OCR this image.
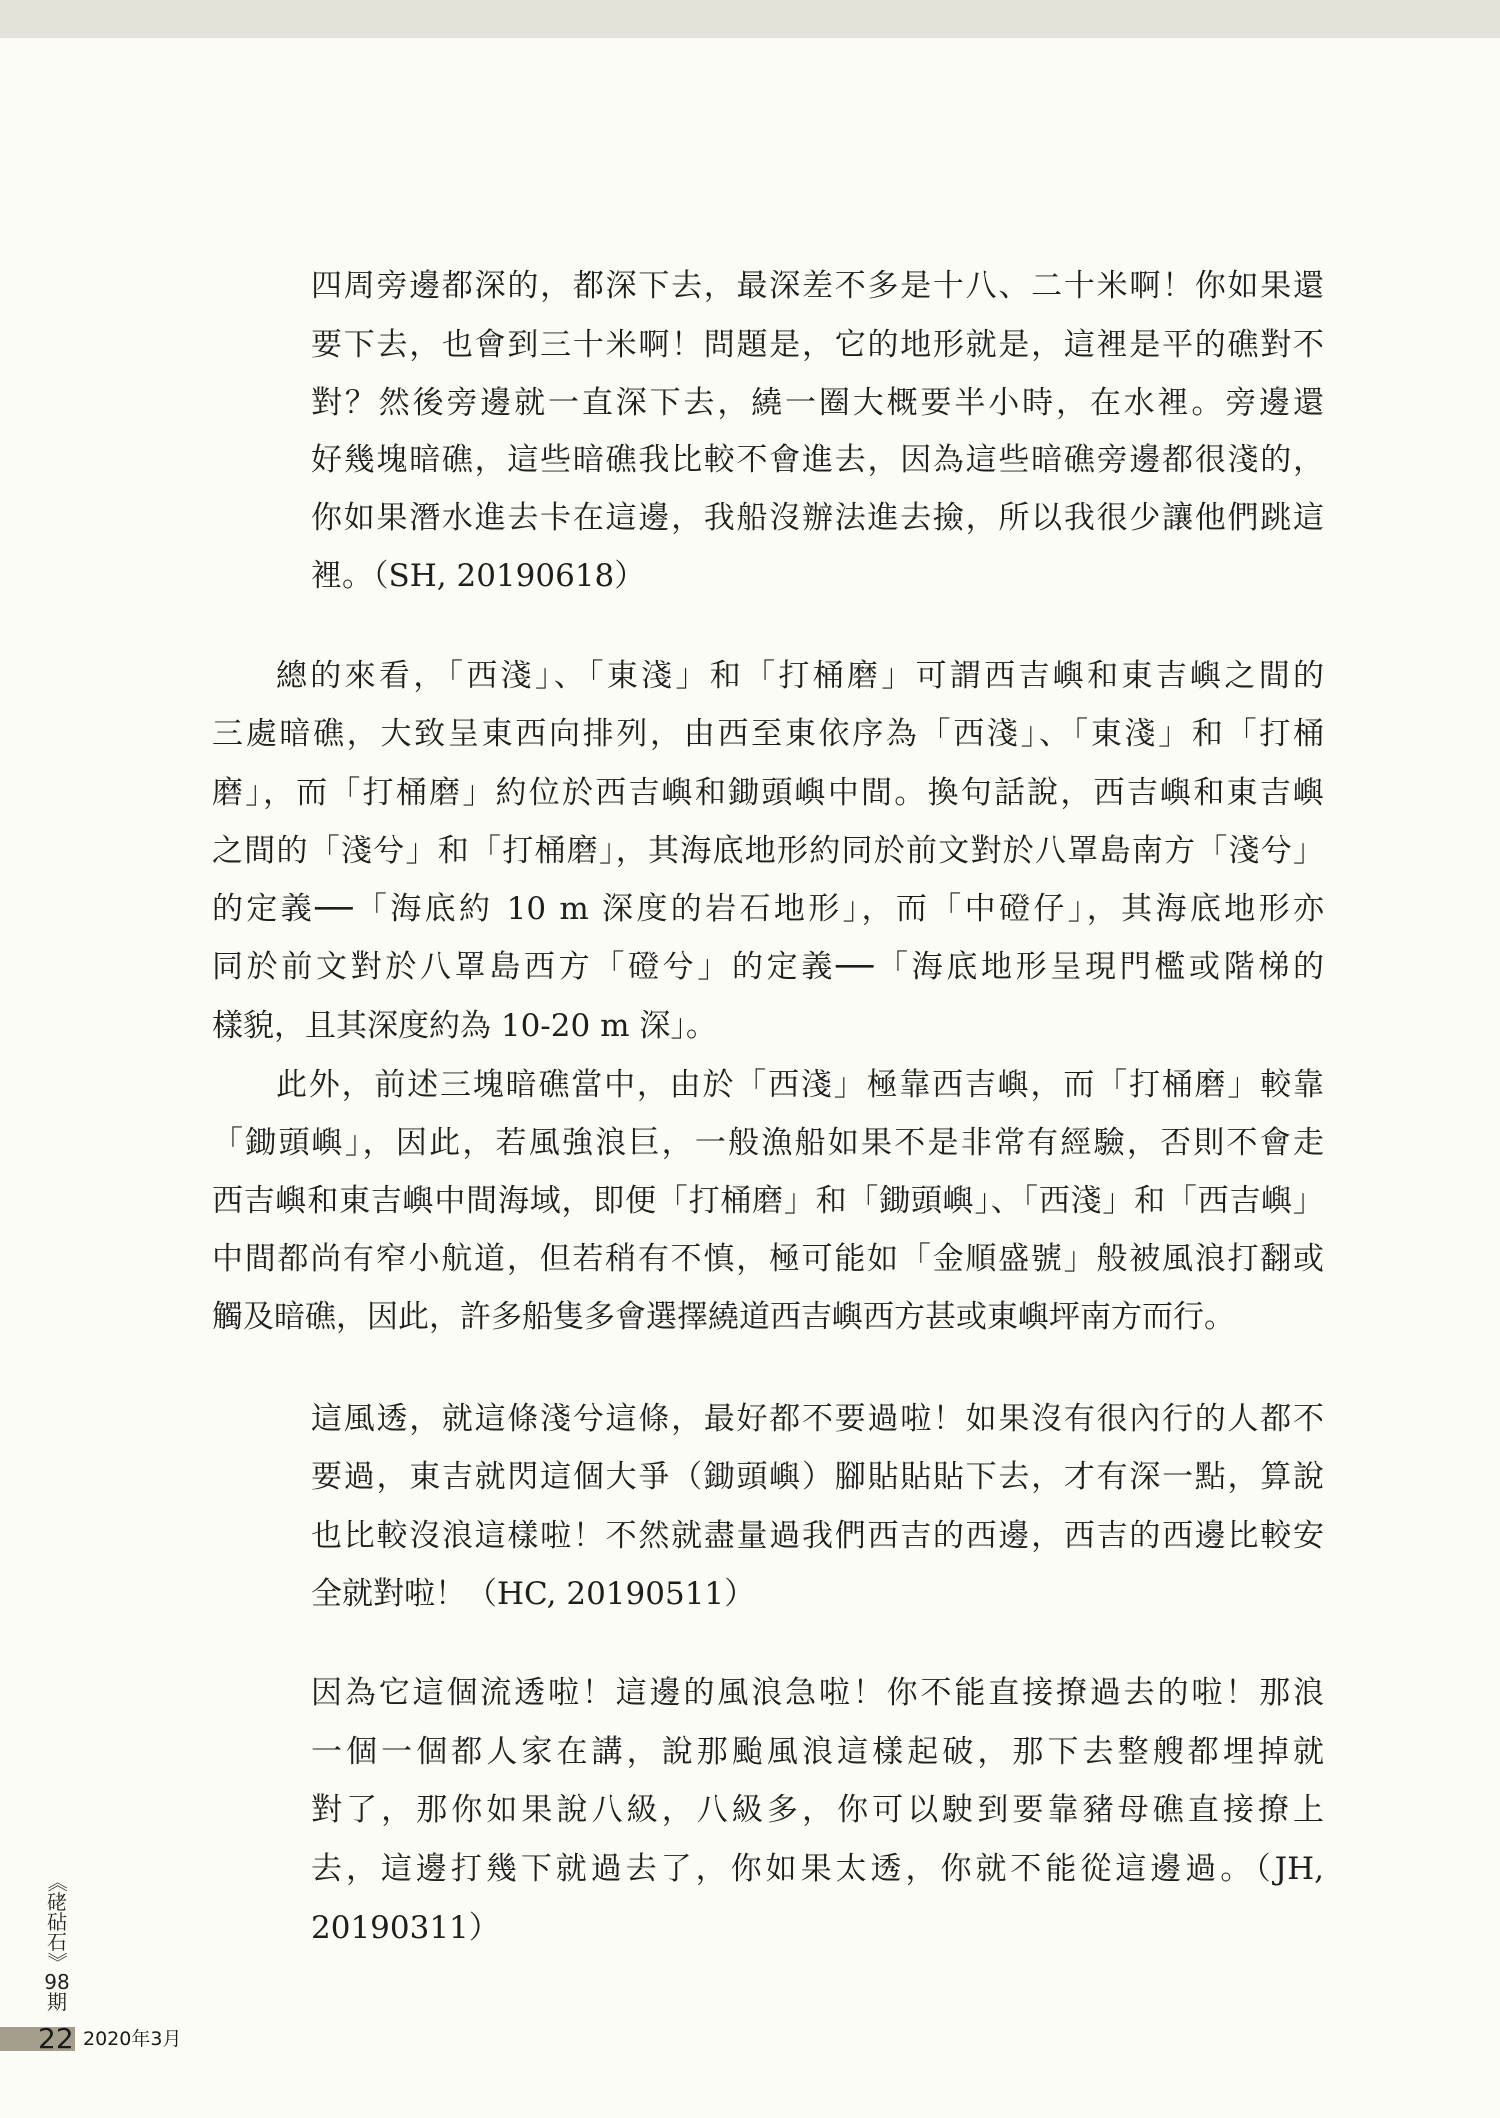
四周旁邊都深的，都深下去，最深差不多是十八、二十米啊！你如果還
要下去，也會到三十米啊！問題是，它的地形就是，這裡是平的礁對不
對？然後旁邊就一直深下去，繞一圈大概要半小時，在水裡。旁邊還
好幾塊暗礁，這些暗礁我比較不會進去，因為這些暗礁旁邊都很淺的，
你如果潛水進去卡在這邊，我船沒辦法進去撿，所以我很少讓他們跳這
裡。（SH, 20190618）
總的來看，「西淺」、「東淺」和「打桶磨」可謂西吉嶼和東吉嶼之間的
三處暗礁，大致呈東西向排列，由西至東依序為「西淺」、「東淺」和「打桶
磨」，而「打桶磨」約位於西吉嶼和鋤頭嶼中間。換句話說，西吉嶼和東吉嶼
之間的「淺兮」和「打桶磨」，其海底地形約同於前文對於八罩島南方「淺兮」
的定義──「海底約 10 m 深度的岩石地形」，而「中磴仔」，其海底地形亦
同於前文對於八罩島西方「磴兮」的定義──「海底地形呈現門檻或階梯的
樣貌，且其深度約為 10-20 m 深」。
此外，前述三塊暗礁當中，由於「西淺」極靠西吉嶼，而「打桶磨」較靠
「鋤頭嶼」，因此，若風強浪巨，一般漁船如果不是非常有經驗，否則不會走
西吉嶼和東吉嶼中間海域，即便「打桶磨」和「鋤頭嶼」、「西淺」和「西吉嶼」
中間都尚有窄小航道，但若稍有不慎，極可能如「金順盛號」般被風浪打翻或
觸及暗礁，因此，許多船隻多會選擇繞道西吉嶼西方甚或東嶼坪南方而行。
這風透，就這條淺兮這條，最好都不要過啦！如果沒有很內行的人都不
要過，東吉就閃這個大爭（鋤頭嶼）腳貼貼貼下去，才有深一點，算說
也比較沒浪這樣啦！不然就盡量過我們西吉的西邊，西吉的西邊比較安
全就對啦！（HC, 20190511）
因為它這個流透啦！這邊的風浪急啦！你不能直接撩過去的啦！那浪
一個一個都人家在講，說那颱風浪這樣起破，那下去整艘都埋掉就
對了，那你如果說八級，八級多，你可以駛到要靠豬母礁直接撩上
去，這邊打幾下就過去了，你如果太透，你就不能從這邊過。（JH,
20190311）
《
硓
砧
石
》
98
期
22 2020年3月
